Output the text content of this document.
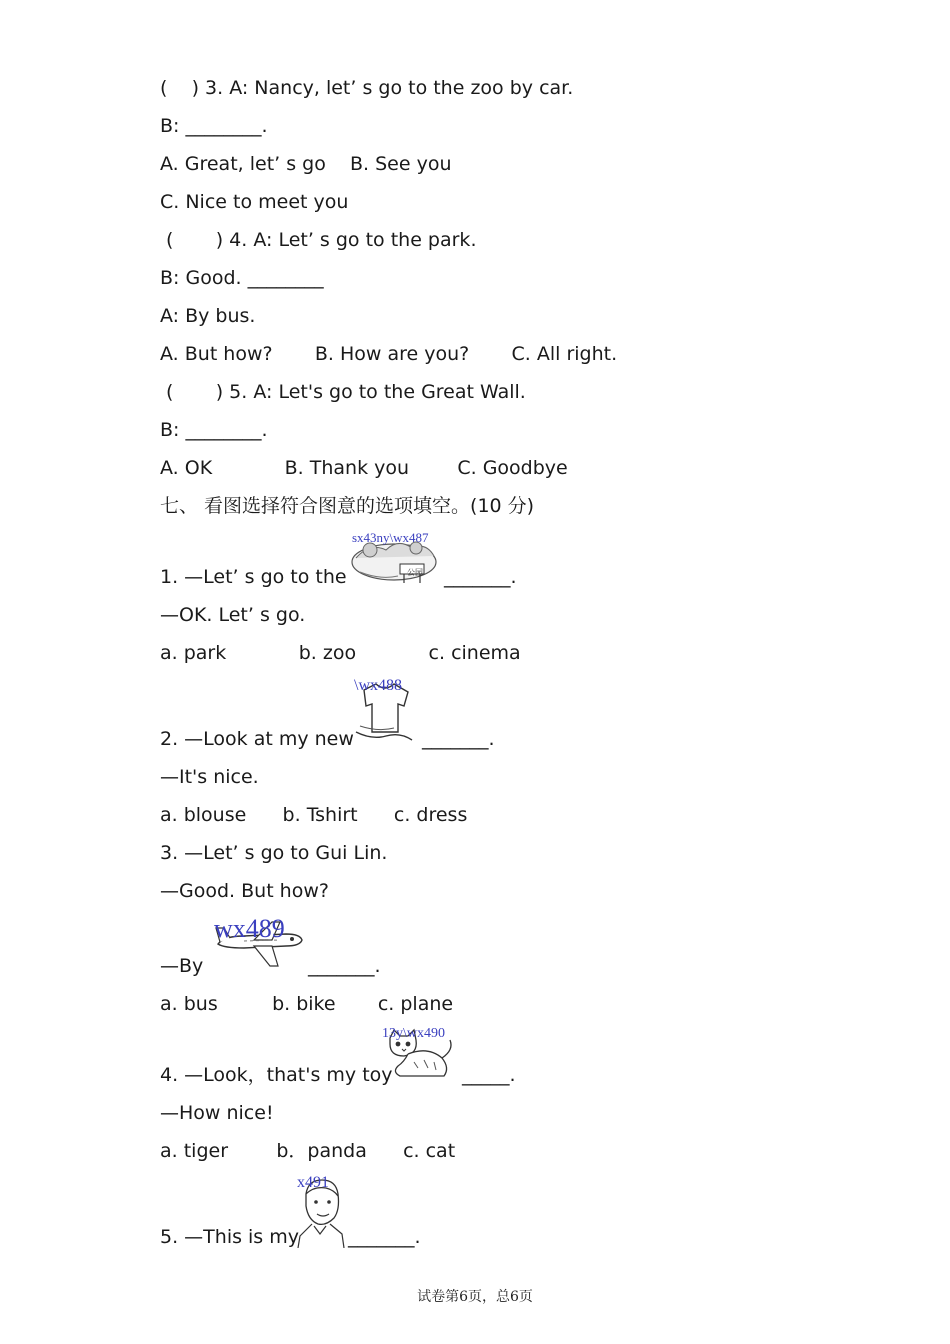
(    ) 3. A: Nancy, let’ s go to the zoo by car.
B: ________.
A. Great, let’ s go    B. See you
C. Nice to meet you
(       ) 4. A: Let’ s go to the park.
B: Good. ________
A: By bus.
A. But how?       B. How are you?       C. All right.
(       ) 5. A: Let's go to the Great Wall.
B: ________.
A. OK            B. Thank you        C. Goodbye
七、 看图选择符合图意的选项填空。(10 分)
1. —Let’ s go to the	公园
sx43ny\wx487
_______.
—OK. Let’ s go.
a. park            b. zoo            c. cinema
2. —Look at my new
\wx488
_______.
—It's nice.
a. blouse      b. Tshirt      c. dress
3. —Let’ s go to Gui Lin.
—Good. But how?
—By
wx489
_______.
a. bus         b. bike       c. plane
4. —Look，that's my toy
13y\wx490
_____.
—How nice!
a. tiger        b．panda      c. cat
5. —This is my
x491
_______.
试卷第6页，总6页
